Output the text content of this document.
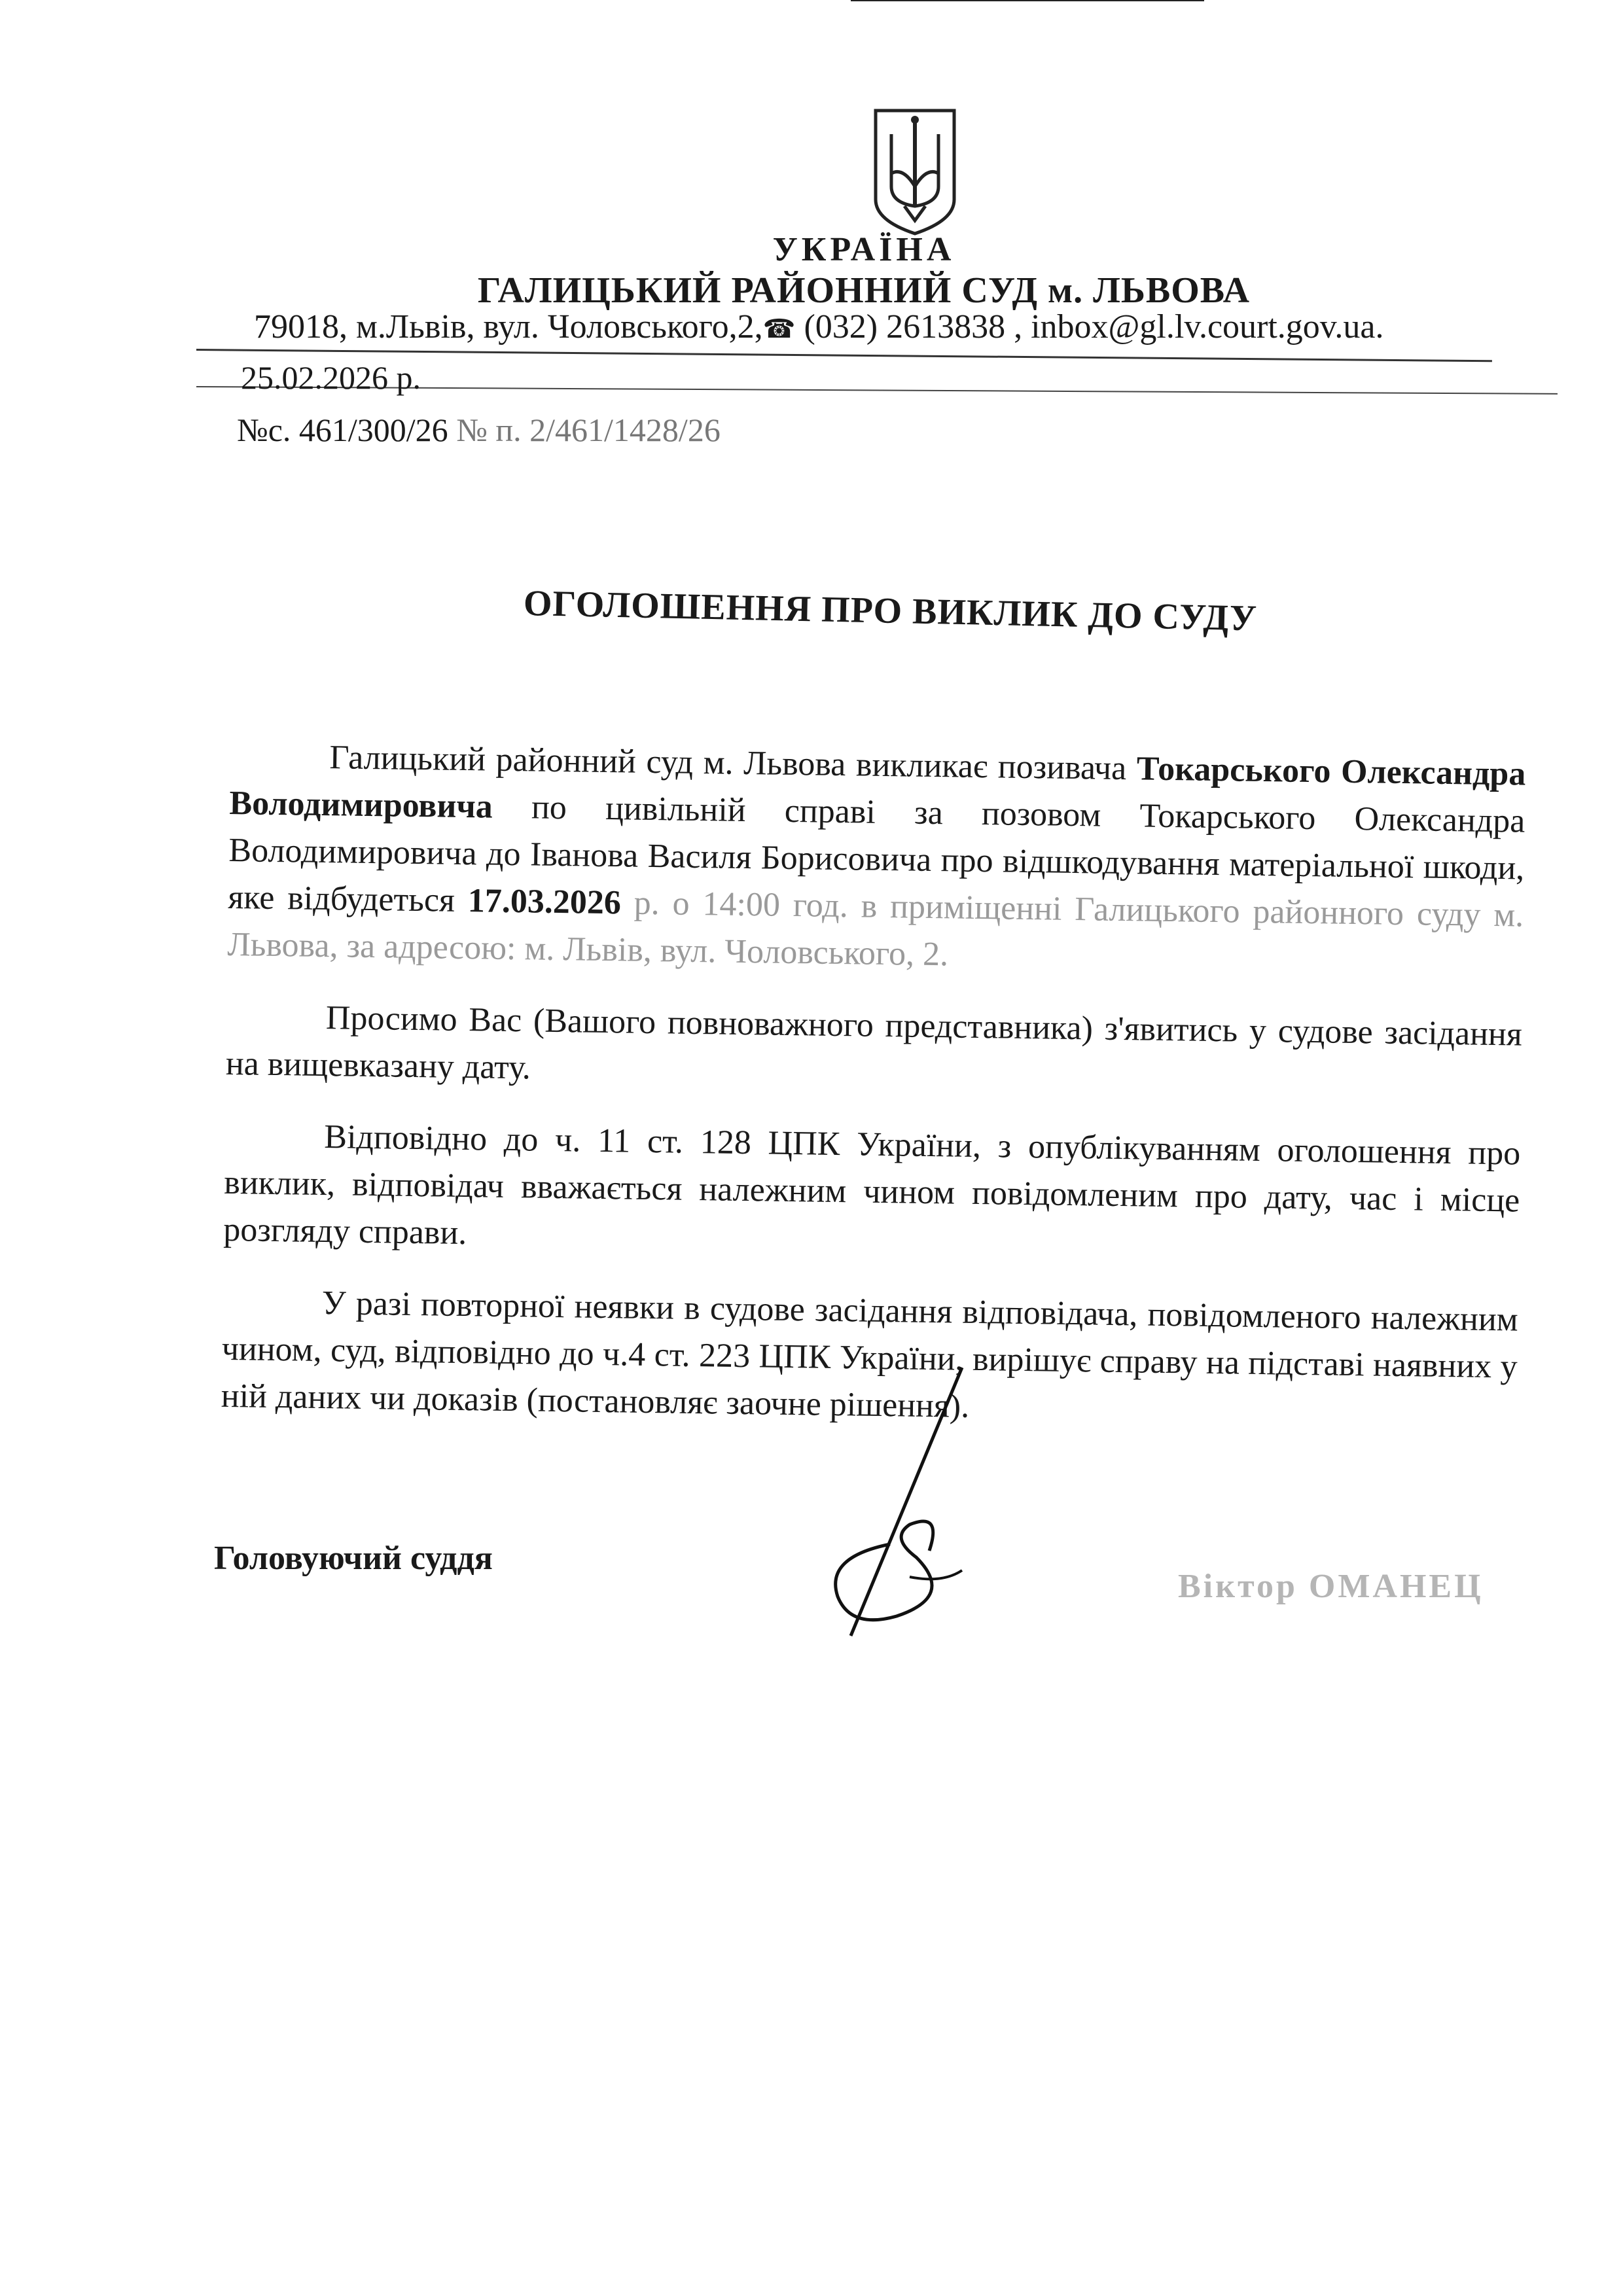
УКРАЇНА
ГАЛИЦЬКИЙ РАЙОННИЙ СУД м. ЛЬВОВА
79018, м.Львів, вул. Чоловського,2,☎ (032) 2613838 , inbox@gl.lv.court.gov.ua.
25.02.2026 р.
№с. 461/300/26 № п. 2/461/1428/26
ОГОЛОШЕННЯ ПРО ВИКЛИК ДО СУДУ

Галицький районний суд м. Львова викликає позивача Токарського Олександра Володимировича по цивільній справі за позовом Токарського Олександра Володимировича до Іванова Василя Борисовича про відшкодування матеріальної шкоди, яке відбудеться 17.03.2026 р. о 14:00 год. в приміщенні Галицького районного суду м. Львова, за адресою: м. Львів, вул. Чоловського, 2.

Просимо Вас (Вашого повноважного представника) з'явитись у судове засідання на вищевказану дату.

Відповідно до ч. 11 ст. 128 ЦПК України, з опублікуванням оголошення про виклик, відповідач вважається належним чином повідомленим про дату, час і місце розгляду справи.

У разі повторної неявки в судове засідання відповідача, повідомленого належним чином, суд, відповідно до ч.4 ст. 223 ЦПК України, вирішує справу на підставі наявних у ній даних чи доказів (постановляє заочне рішення).

Головуючий суддя
Віктор ОМАНЕЦ
